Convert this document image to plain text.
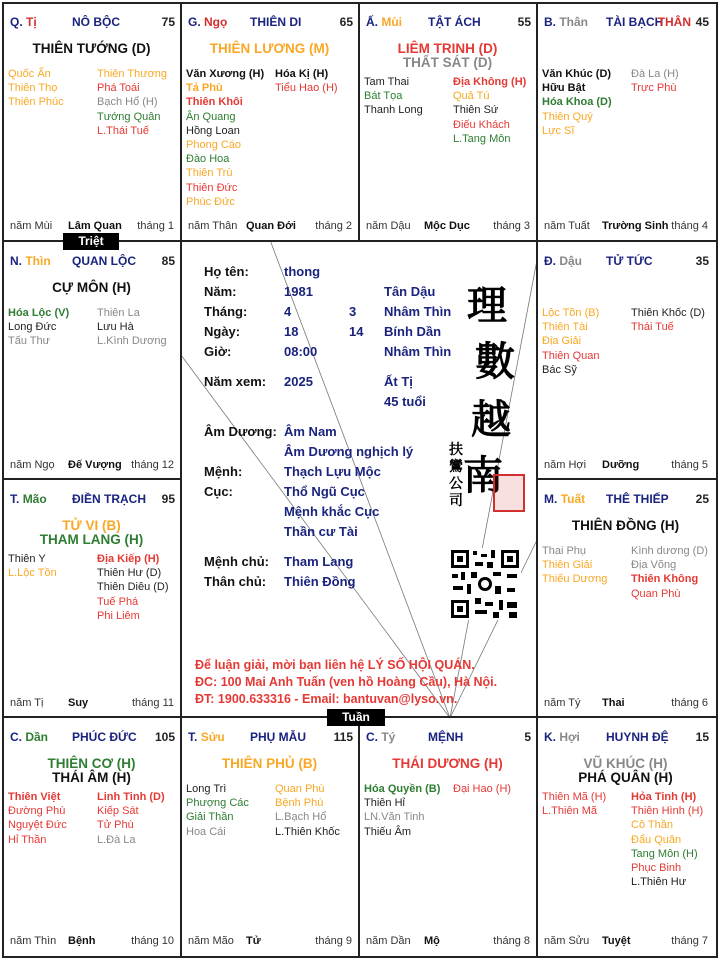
Q. Tị	NÔ BỘC	75
THIÊN TƯỚNG (D)
Quốc Ấn
Thiên Thọ
Thiên Phúc
Thiên Thương
Phá Toái
Bạch Hổ (H)
Tướng Quân
L.Thái Tuế
năm Mùi Lâm Quan tháng 1
G. Ngọ THIÊN DI	65
THIÊN LƯƠNG (M)
Văn Xương (H)
Tả Phù
Thiên Khôi
Ân Quang
Hồng Loan
Phong Cáo
Đào Hoa
Thiên Trù
Thiên Đức
Phúc Đức
Hóa Kị (H)
Tiểu Hao (H)
năm Thân Quan Đới tháng 2
Ấ. Mùi TẬT ÁCH	55
LIÊM TRINH (D)
THẤT SÁT (D)
Tam Thai
Bát Tọa
Thanh Long
Địa Không (H)
Quả Tú
Thiên Sứ
Điếu Khách
L.Tang Môn
năm Dậu Mộc Dục tháng 3
B. Thân TÀI BẠCH
THÂN 45
Văn Khúc (D)
Hữu Bật
Hóa Khoa (D)
Thiên Quý
Lực Sĩ
Đà La (H)
Trực Phù
năm Tuất Trường Sinh tháng 4
Đ. Dậu TỬ TỨC	35
Lộc Tồn (B)
Thiên Tài
Địa Giải
Thiên Quan
Bác Sỹ
Thiên Khốc (D)
Thái Tuế
năm Hợi Dưỡng	tháng 5
M. Tuất THÊ THIẾP 25
THIÊN ĐỒNG (H)
Thai Phụ
Thiên Giải
Thiếu Dương
Kình dương (D)
Địa Võng
Thiên Không
Quan Phù
năm Tý Thai	tháng 6
K. Hợi HUYNH ĐỆ 15
VŨ KHÚC (H)
PHÁ QUÂN (H)
Thiên Mã (H)
L.Thiên Mã
Hỏa Tinh (H)
Thiên Hình (H)
Cô Thần
Đẩu Quân
Tang Môn (H)
Phục Binh
L.Thiên Hư
năm Sửu Tuyệt	tháng 7
C. Tý	MỆNH	5
THÁI DƯƠNG (H)
Hóa Quyền (B)
Thiên Hỉ
LN.Văn Tinh
Thiếu Âm
Đại Hao (H)
năm Dần Mộ	tháng 8
T. Sửu PHỤ MẪU 115
THIÊN PHỦ (B)
Long Trì
Phượng Các
Giải Thần
Hoa Cái
Quan Phù
Bệnh Phù
L.Bạch Hổ
L.Thiên Khốc
năm Mão Tử	tháng 9
C. Dần PHÚC ĐỨC 105
THIÊN CƠ (H)
THÁI ÂM (H)
Thiên Việt
Đường Phù
Nguyệt Đức
Hỉ Thần
Linh Tinh (D)
Kiếp Sát
Tử Phù
L.Đà La
năm Thìn Bệnh	tháng 10
T. Mão ĐIỀN TRẠCH 95
TỬ VI (B)
THAM LANG (H)
Thiên Y
L.Lộc Tồn
Địa Kiếp (H)
Thiên Hư (D)
Thiên Diêu (D)
Tuế Phá
Phi Liêm
năm Tị Suy	tháng 11
N. Thìn QUAN LỘC 85
CỰ MÔN (H)
Hóa Lộc (V)
Long Đức
Tấu Thư
Thiên La
Lưu Hà
L.Kình Dương
năm Ngọ Đế Vượng tháng 12
Họ tên:	thong
Năm:	1981	Tân Dậu
Tháng:	4	3 Nhâm Thìn
Ngày:	18	14 Bính Dần
Giờ:	08:00	Nhâm Thìn
Năm xem: 2025	Ất Tị
45 tuổi
Âm Dương: Âm Nam
Âm Dương nghịch lý
Mệnh:	Thạch Lựu Mộc
Cục:	Thổ Ngũ Cục
Mệnh khắc Cục
Thần cư Tài
Mệnh chủ: Tham Lang
Thân chủ: Thiên Đồng
理
數
越
南
扶
鸞
公
司
Để luận giải, mời bạn liên hệ LÝ SỐ HỘI QUÁN.
ĐC: 100 Mai Anh Tuấn (ven hồ Hoàng Cầu), Hà Nội.
ĐT: 1900.633316 - Email: bantuvan@lyso.vn.
Triệt
Tuần
